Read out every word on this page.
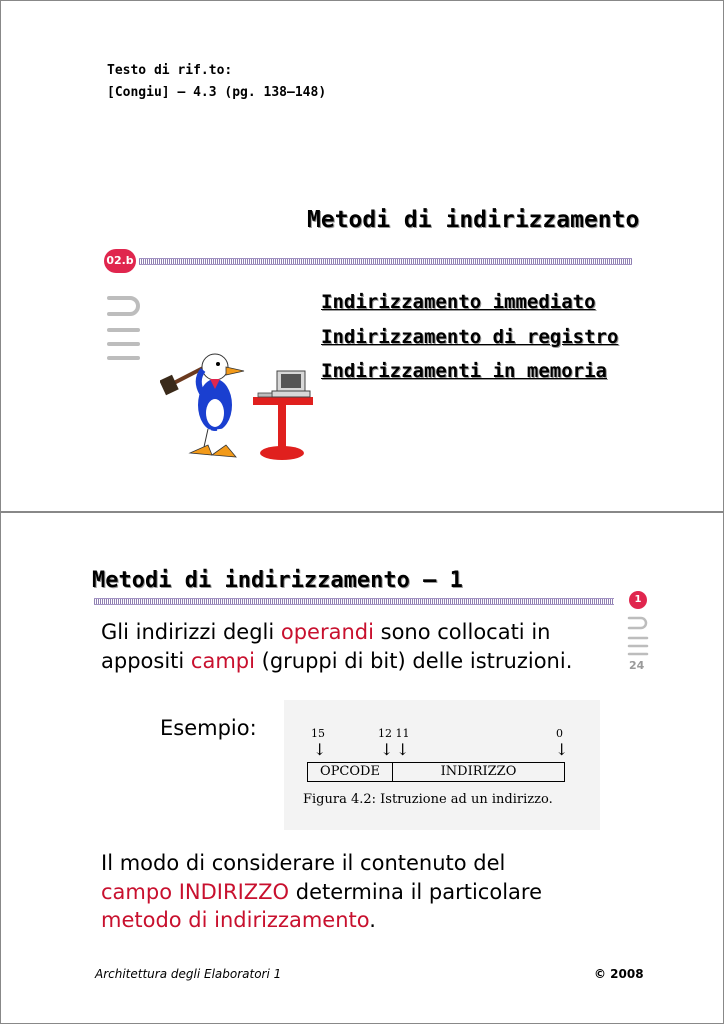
Testo di rif.to:
[Congiu] – 4.3 (pg. 138–148)
Metodi di indirizzamento
02.b
Indirizzamento immediato
Indirizzamento di registro
Indirizzamenti in memoria
Metodi di indirizzamento – 1
1
24
Gli indirizzi degli operandi sono collocati in
appositi campi (gruppi di bit) delle istruzioni.
Esempio:	15	12 11	0
↓	↓ ↓	↓
OPCODE	INDIRIZZO
Figura 4.2: Istruzione ad un indirizzo.
Il modo di considerare il contenuto del
campo INDIRIZZO determina il particolare
metodo di indirizzamento.
Architettura degli Elaboratori 1	© 2008
